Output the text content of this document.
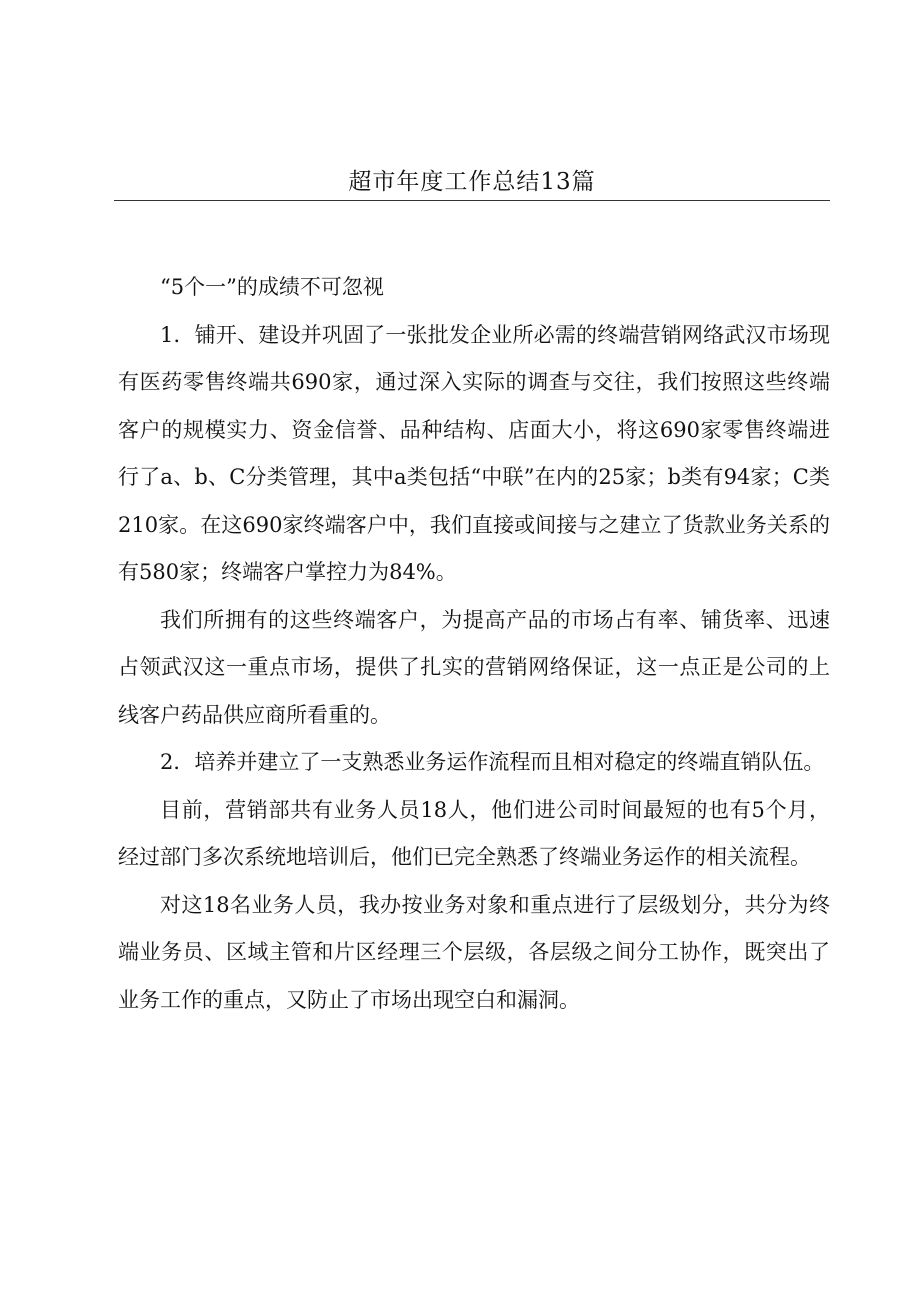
超市年度工作总结13篇

“5个一”的成绩不可忽视

1．铺开、建设并巩固了一张批发企业所必需的终端营销网络武汉市场现有医药零售终端共690家，通过深入实际的调查与交往，我们按照这些终端客户的规模实力、资金信誉、品种结构、店面大小，将这690家零售终端进行了a、b、C分类管理，其中a类包括“中联”在内的25家；b类有94家；C类210家。在这690家终端客户中，我们直接或间接与之建立了货款业务关系的有580家；终端客户掌控力为84%。

我们所拥有的这些终端客户，为提高产品的市场占有率、铺货率、迅速占领武汉这一重点市场，提供了扎实的营销网络保证，这一点正是公司的上线客户药品供应商所看重的。

2．培养并建立了一支熟悉业务运作流程而且相对稳定的终端直销队伍。

目前，营销部共有业务人员18人，他们进公司时间最短的也有5个月，经过部门多次系统地培训后，他们已完全熟悉了终端业务运作的相关流程。

对这18名业务人员，我办按业务对象和重点进行了层级划分，共分为终端业务员、区域主管和片区经理三个层级，各层级之间分工协作，既突出了业务工作的重点，又防止了市场出现空白和漏洞。
